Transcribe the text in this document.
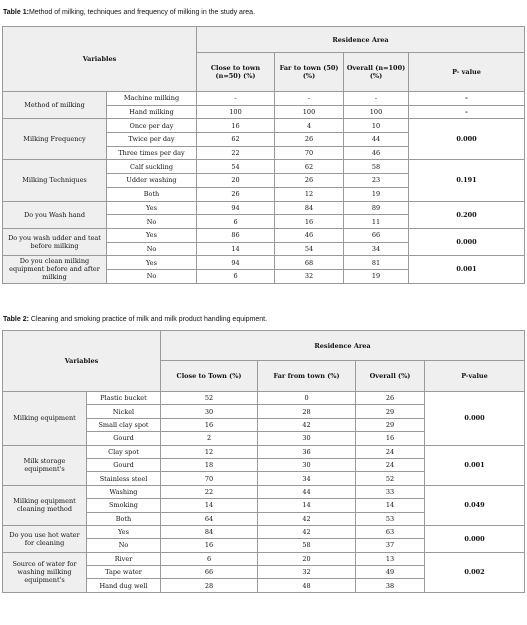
Table 1:Method of milking, techniques and frequency of milking in the study area.
Variables		Residence Area			
		Close to town (n=50) (%)	Far to town (50) (%)	Overall (n=100) (%)	P- value
Method of milking	Machine milking	-	-	-	-
	Hand milking	100	100	100	-
Milking Frequency	Once per day	16	4	10	0.000
	Twice per day	62	26	44	
	Three times per day	22	70	46	
Milking Techniques	Calf suckling	54	62	58	0.191
	Udder washing	20	26	23	
	Both	26	12	19	
Do you Wash hand	Yes	94	84	89	0.200
	No	6	16	11	
Do you wash udder and teat before milking	Yes	86	46	66	0.000
	No	14	54	34	
Do you clean milking equipment before and after milking	Yes	94	68	81	0.001
	No	6	32	19	
Table 2: Cleaning and smoking practice of milk and milk product handling equipment.
Variables		Residence Area			
		Close to Town (%)	Far from town (%)	Overall (%)	P-value
Milking equipment	Plastic bucket	52	0	26	0.000
	Nickel	30	28	29	
	Small clay spot	16	42	29	
	Gourd	2	30	16	
Milk storage equipment's	Clay spot	12	36	24	0.001
	Gourd	18	30	24	
	Stainless steel	70	34	52	
Milking equipment cleaning method	Washing	22	44	33	0.049
	Smoking	14	14	14	
	Both	64	42	53	
Do you use hot water for cleaning	Yes	84	42	63	0.000
	No	16	58	37	
Source of water for washing milking equipment's	River	6	20	13	0.002
	Tape water	66	32	49	
	Hand dug well	28	48	38	
